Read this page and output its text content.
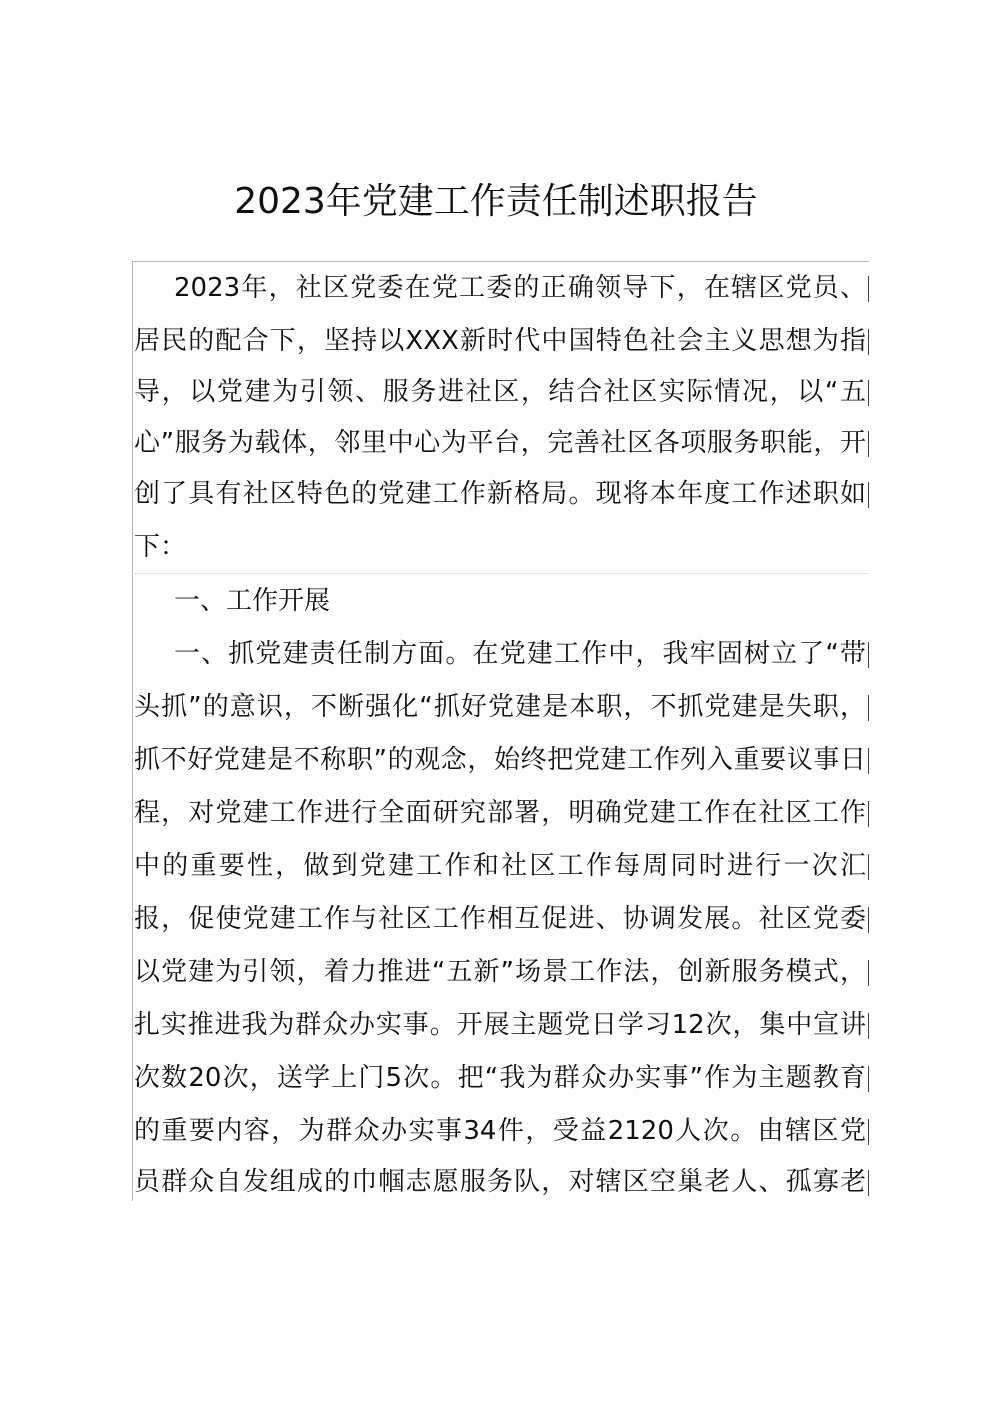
2023年党建工作责任制述职报告
2023年，社区党委在党工委的正确领导下，在辖区党员、
居民的配合下，坚持以XXX新时代中国特色社会主义思想为指
导，以党建为引领、服务进社区，结合社区实际情况，以“五
心”服务为载体，邻里中心为平台，完善社区各项服务职能，开
创了具有社区特色的党建工作新格局。现将本年度工作述职如
下：
一、工作开展
一、抓党建责任制方面。在党建工作中，我牢固树立了“带
头抓”的意识，不断强化“抓好党建是本职，不抓党建是失职，
抓不好党建是不称职”的观念，始终把党建工作列入重要议事日
程，对党建工作进行全面研究部署，明确党建工作在社区工作
中的重要性，做到党建工作和社区工作每周同时进行一次汇
报，促使党建工作与社区工作相互促进、协调发展。社区党委
以党建为引领，着力推进“五新”场景工作法，创新服务模式，
扎实推进我为群众办实事。开展主题党日学习12次，集中宣讲
次数20次，送学上门5次。把“我为群众办实事”作为主题教育
的重要内容，为群众办实事34件，受益2120人次。由辖区党
员群众自发组成的巾帼志愿服务队，对辖区空巢老人、孤寡老
